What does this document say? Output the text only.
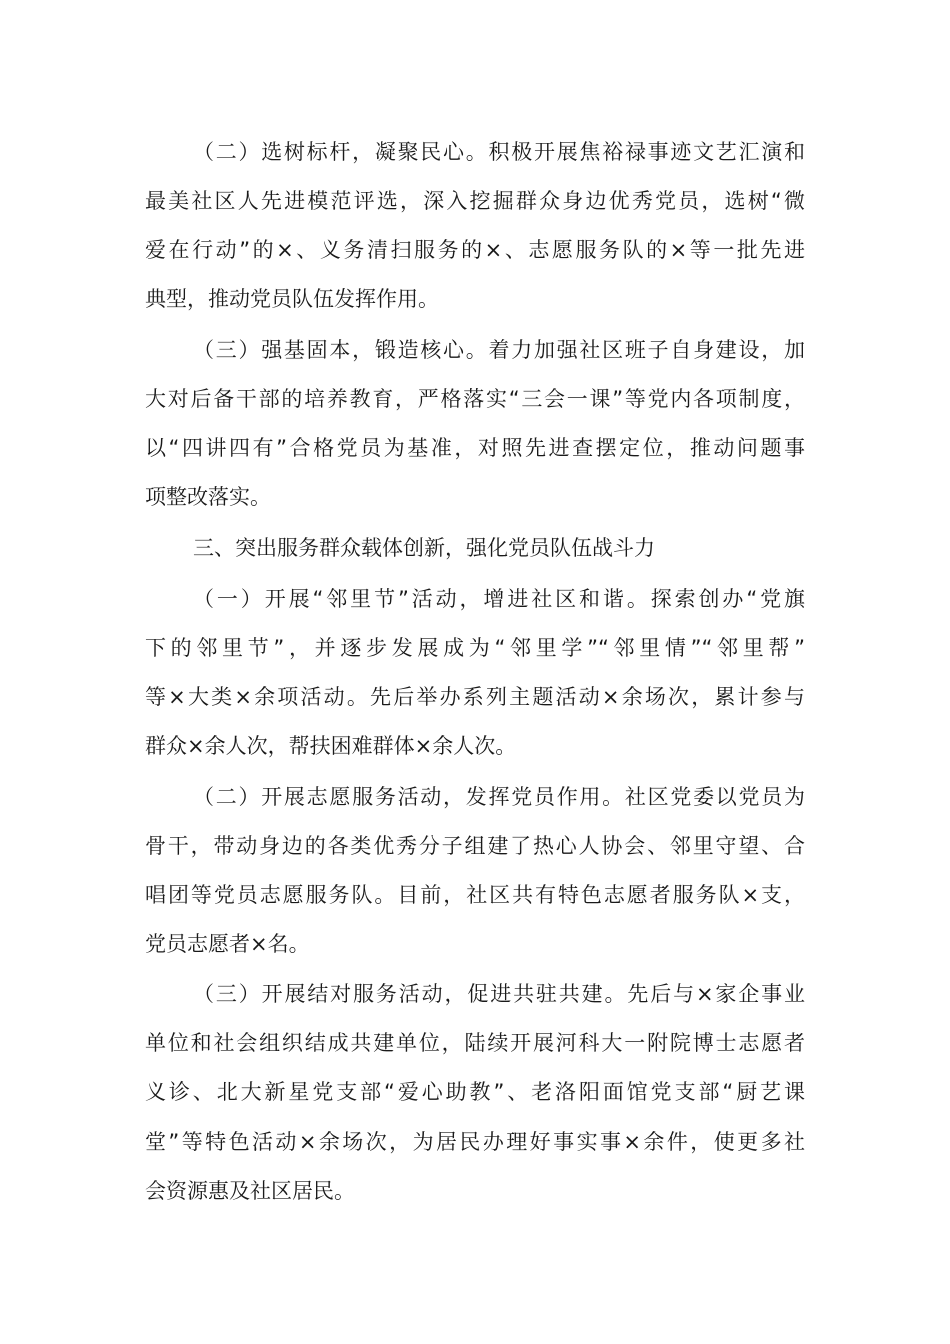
（二）选树标杆，凝聚民心。积极开展焦裕禄事迹文艺汇演和
最美社区人先进模范评选，深入挖掘群众身边优秀党员，选树“微
爱在行动”的×、义务清扫服务的×、志愿服务队的×等一批先进
典型，推动党员队伍发挥作用。
（三）强基固本，锻造核心。着力加强社区班子自身建设，加
大对后备干部的培养教育，严格落实“三会一课”等党内各项制度，
以“四讲四有”合格党员为基准，对照先进查摆定位，推动问题事
项整改落实。
三、突出服务群众载体创新，强化党员队伍战斗力
（一）开展“邻里节”活动，增进社区和谐。探索创办“党旗
下的邻里节”，并逐步发展成为“邻里学”“邻里情”“邻里帮”
等×大类×余项活动。先后举办系列主题活动×余场次，累计参与
群众×余人次，帮扶困难群体×余人次。
（二）开展志愿服务活动，发挥党员作用。社区党委以党员为
骨干，带动身边的各类优秀分子组建了热心人协会、邻里守望、合
唱团等党员志愿服务队。目前，社区共有特色志愿者服务队×支，
党员志愿者×名。
（三）开展结对服务活动，促进共驻共建。先后与×家企事业
单位和社会组织结成共建单位，陆续开展河科大一附院博士志愿者
义诊、北大新星党支部“爱心助教”、老洛阳面馆党支部“厨艺课
堂”等特色活动×余场次，为居民办理好事实事×余件，使更多社
会资源惠及社区居民。
